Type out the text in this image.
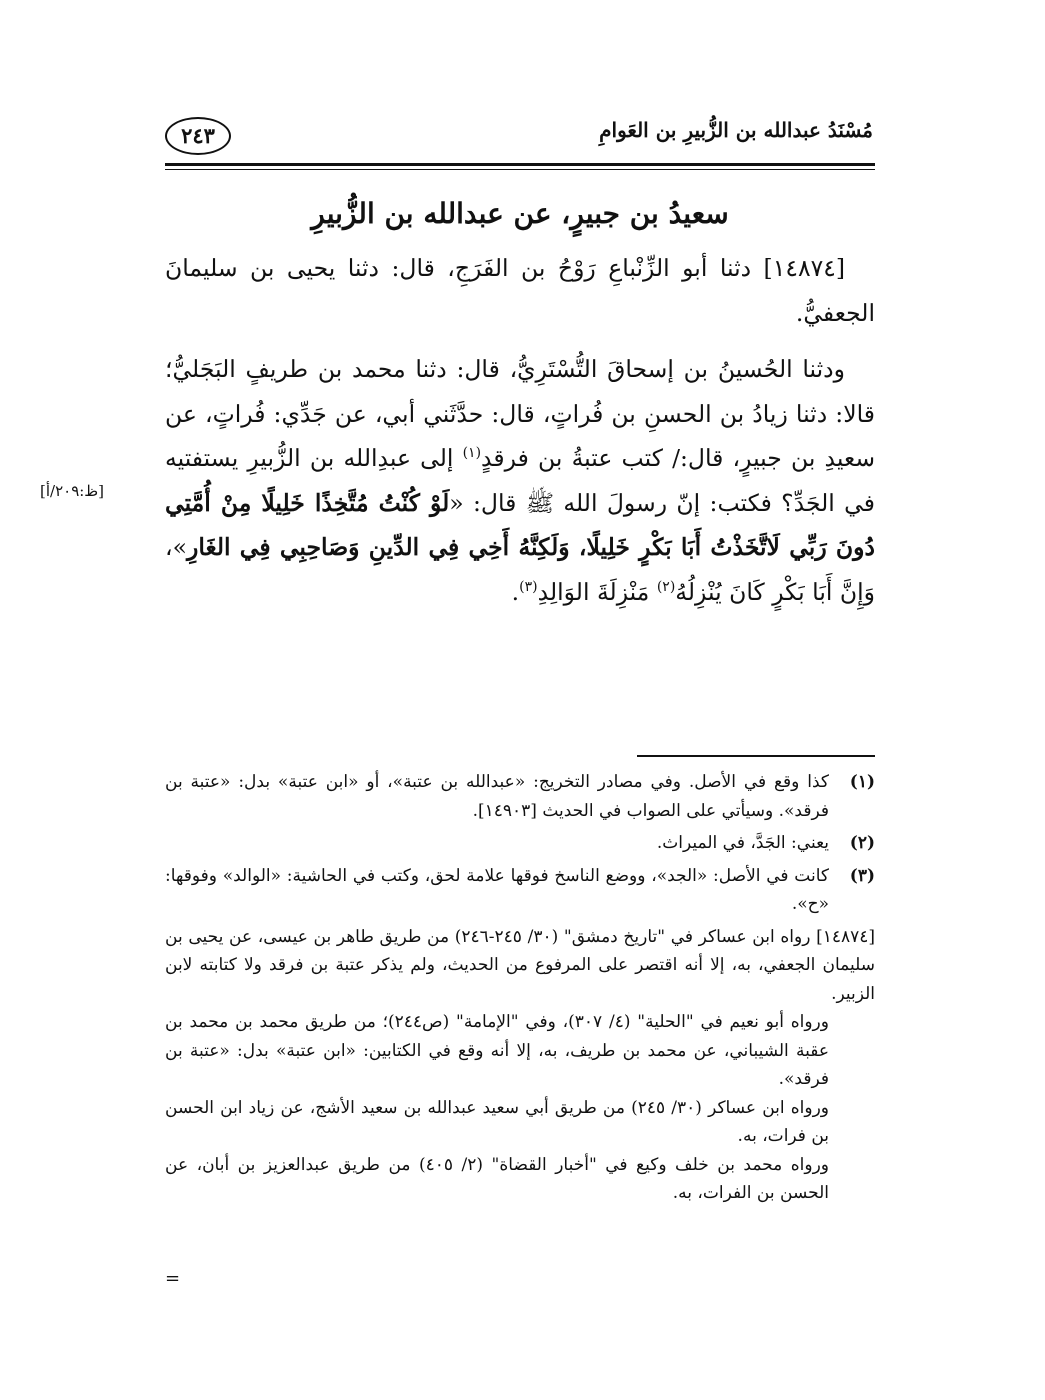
مُسْنَدُ عبدالله بن الزُّبيرِ بن العَوامِ
٢٤٣
سعيدُ بن جبيرٍ، عن عبدالله بن الزُّبيرِ

[١٤٨٧٤] دثنا أبو الزِّنْباعِ رَوْحُ بن الفَرَجِ، قال: دثنا يحيى بن سليمانَ الجعفيُّ.

ودثنا الحُسينُ بن إسحاقَ التُّسْتَرِيُّ، قال: دثنا محمد بن طريفٍ البَجَليُّ؛ قالا: دثنا زيادُ بن الحسنِ بن فُراتٍ، قال: حدَّثَني أبي، عن جَدِّي: فُراتٍ، عن سعيدِ بن جبيرٍ، قال:/ كتب عتبةُ بن فرقدٍ$^{(١)}$ إلى عبدِالله بن الزُّبيرِ يستفتيه في الجَدِّ؟ فكتب: إنّ رسولَ الله ﷺ قال: «لَوْ كُنْتُ مُتَّخِذًا خَلِيلًا مِنْ أُمَّتِي دُونَ رَبِّي لَاتَّخَذْتُ أَبَا بَكْرٍ خَلِيلًا، وَلَكِنَّهُ أَخِي فِي الدِّينِ وَصَاحِبِي فِي الغَارِ»، وَإِنَّ أَبَا بَكْرٍ كَانَ يُنْزِلُهُ$^{(٢)}$ مَنْزِلَةَ الوَالِدِ$^{(٣)}$.

[ظ:٢٠٩/أ]
(١)
كذا وقع في الأصل. وفي مصادر التخريج: «عبدالله بن عتبة»، أو «ابن عتبة» بدل: «عتبة بن فرقد». وسيأتي على الصواب في الحديث [١٤٩٠٣].
(٢)
يعني: الجَدَّ، في الميراث.
(٣)
كانت في الأصل: «الجد»، ووضع الناسخ فوقها علامة لحق، وكتب في الحاشية: «الوالد» وفوقها: «ح».

[١٤٨٧٤] رواه ابن عساكر في "تاريخ دمشق" (٣٠/ ٢٤٥-٢٤٦) من طريق طاهر بن عيسى، عن يحيى بن سليمان الجعفي، به، إلا أنه اقتصر على المرفوع من الحديث، ولم يذكر عتبة بن فرقد ولا كتابته لابن الزبير.

ورواه أبو نعيم في "الحلية" (٤/ ٣٠٧)، وفي "الإمامة" (ص٢٤٤)؛ من طريق محمد بن محمد بن عقبة الشيباني، عن محمد بن طريف، به، إلا أنه وقع في الكتابين: «ابن عتبة» بدل: «عتبة بن فرقد».

ورواه ابن عساكر (٣٠/ ٢٤٥) من طريق أبي سعيد عبدالله بن سعيد الأشج، عن زياد ابن الحسن بن فرات، به.

ورواه محمد بن خلف وكيع في "أخبار القضاة" (٢/ ٤٠٥) من طريق عبدالعزيز بن أبان، عن الحسن بن الفرات، به.

=
